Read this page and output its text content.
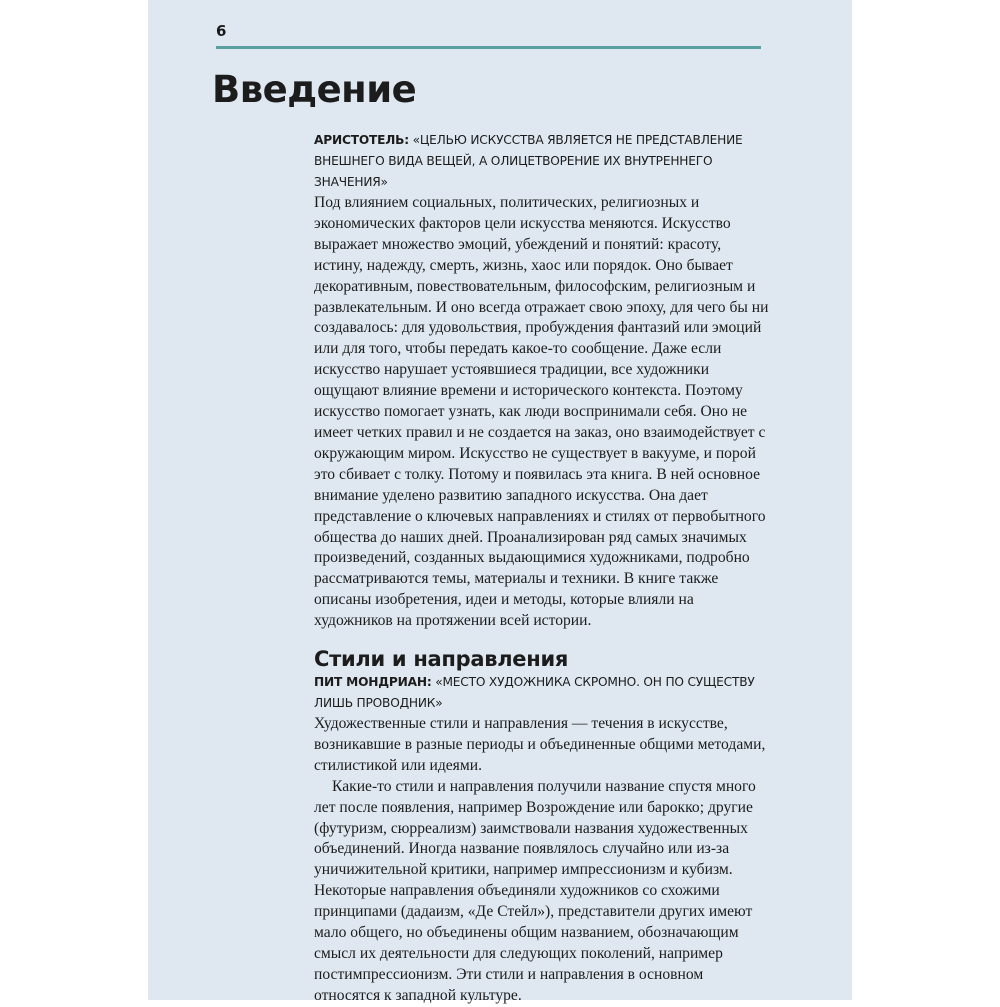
6
Введение

АРИСТОТЕЛЬ: «ЦЕЛЬЮ ИСКУССТВА ЯВЛЯЕТСЯ НЕ ПРЕДСТАВЛЕНИЕ ВНЕШНЕГО ВИДА ВЕЩЕЙ, А ОЛИЦЕТВОРЕНИЕ ИХ ВНУТРЕННЕГО ЗНАЧЕНИЯ»

Под влиянием социальных, политических, религиозных и экономических факторов цели искусства меняются. Искусство выражает множество эмоций, убеждений и понятий: красоту, истину, надежду, смерть, жизнь, хаос или порядок. Оно бывает декоративным, повествовательным, философским, религиозным и развлекательным. И оно всегда отражает свою эпоху, для чего бы ни создавалось: для удовольствия, пробуждения фантазий или эмоций или для того, чтобы передать какое-то сообщение. Даже если искусство нарушает устоявшиеся традиции, все художники ощущают влияние времени и исторического контекста. Поэтому искусство помогает узнать, как люди воспринимали себя. Оно не имеет четких правил и не создается на заказ, оно взаимодействует с окружающим миром. Искусство не существует в вакууме, и порой это сбивает с толку. Потому и появилась эта книга. В ней основное внимание уделено развитию западного искусства. Она дает представление о ключевых направлениях и стилях от первобытного общества до наших дней. Проанализирован ряд самых значимых произведений, созданных выдающимися художниками, подробно рассматриваются темы, материалы и техники. В книге также описаны изобретения, идеи и методы, которые влияли на художников на протяжении всей истории.

Стили и направления

ПИТ МОНДРИАН: «МЕСТО ХУДОЖНИКА СКРОМНО. ОН ПО СУЩЕСТВУ ЛИШЬ ПРОВОДНИК»

Художественные стили и направления — течения в искусстве, возникавшие в разные периоды и объединенные общими методами, стилистикой или идеями.

Какие-то стили и направления получили название спустя много лет после появления, например Возрождение или барокко; другие (футуризм, сюрреализм) заимствовали названия художественных объединений. Иногда название появлялось случайно или из-за уничижительной критики, например импрессионизм и кубизм. Некоторые направления объединяли художников со схожими принципами (дадаизм, «Де Стейл»), представители других имеют мало общего, но объединены общим названием, обозначающим смысл их деятельности для следующих поколений, например постимпрессионизм. Эти стили и направления в основном относятся к западной культуре.
